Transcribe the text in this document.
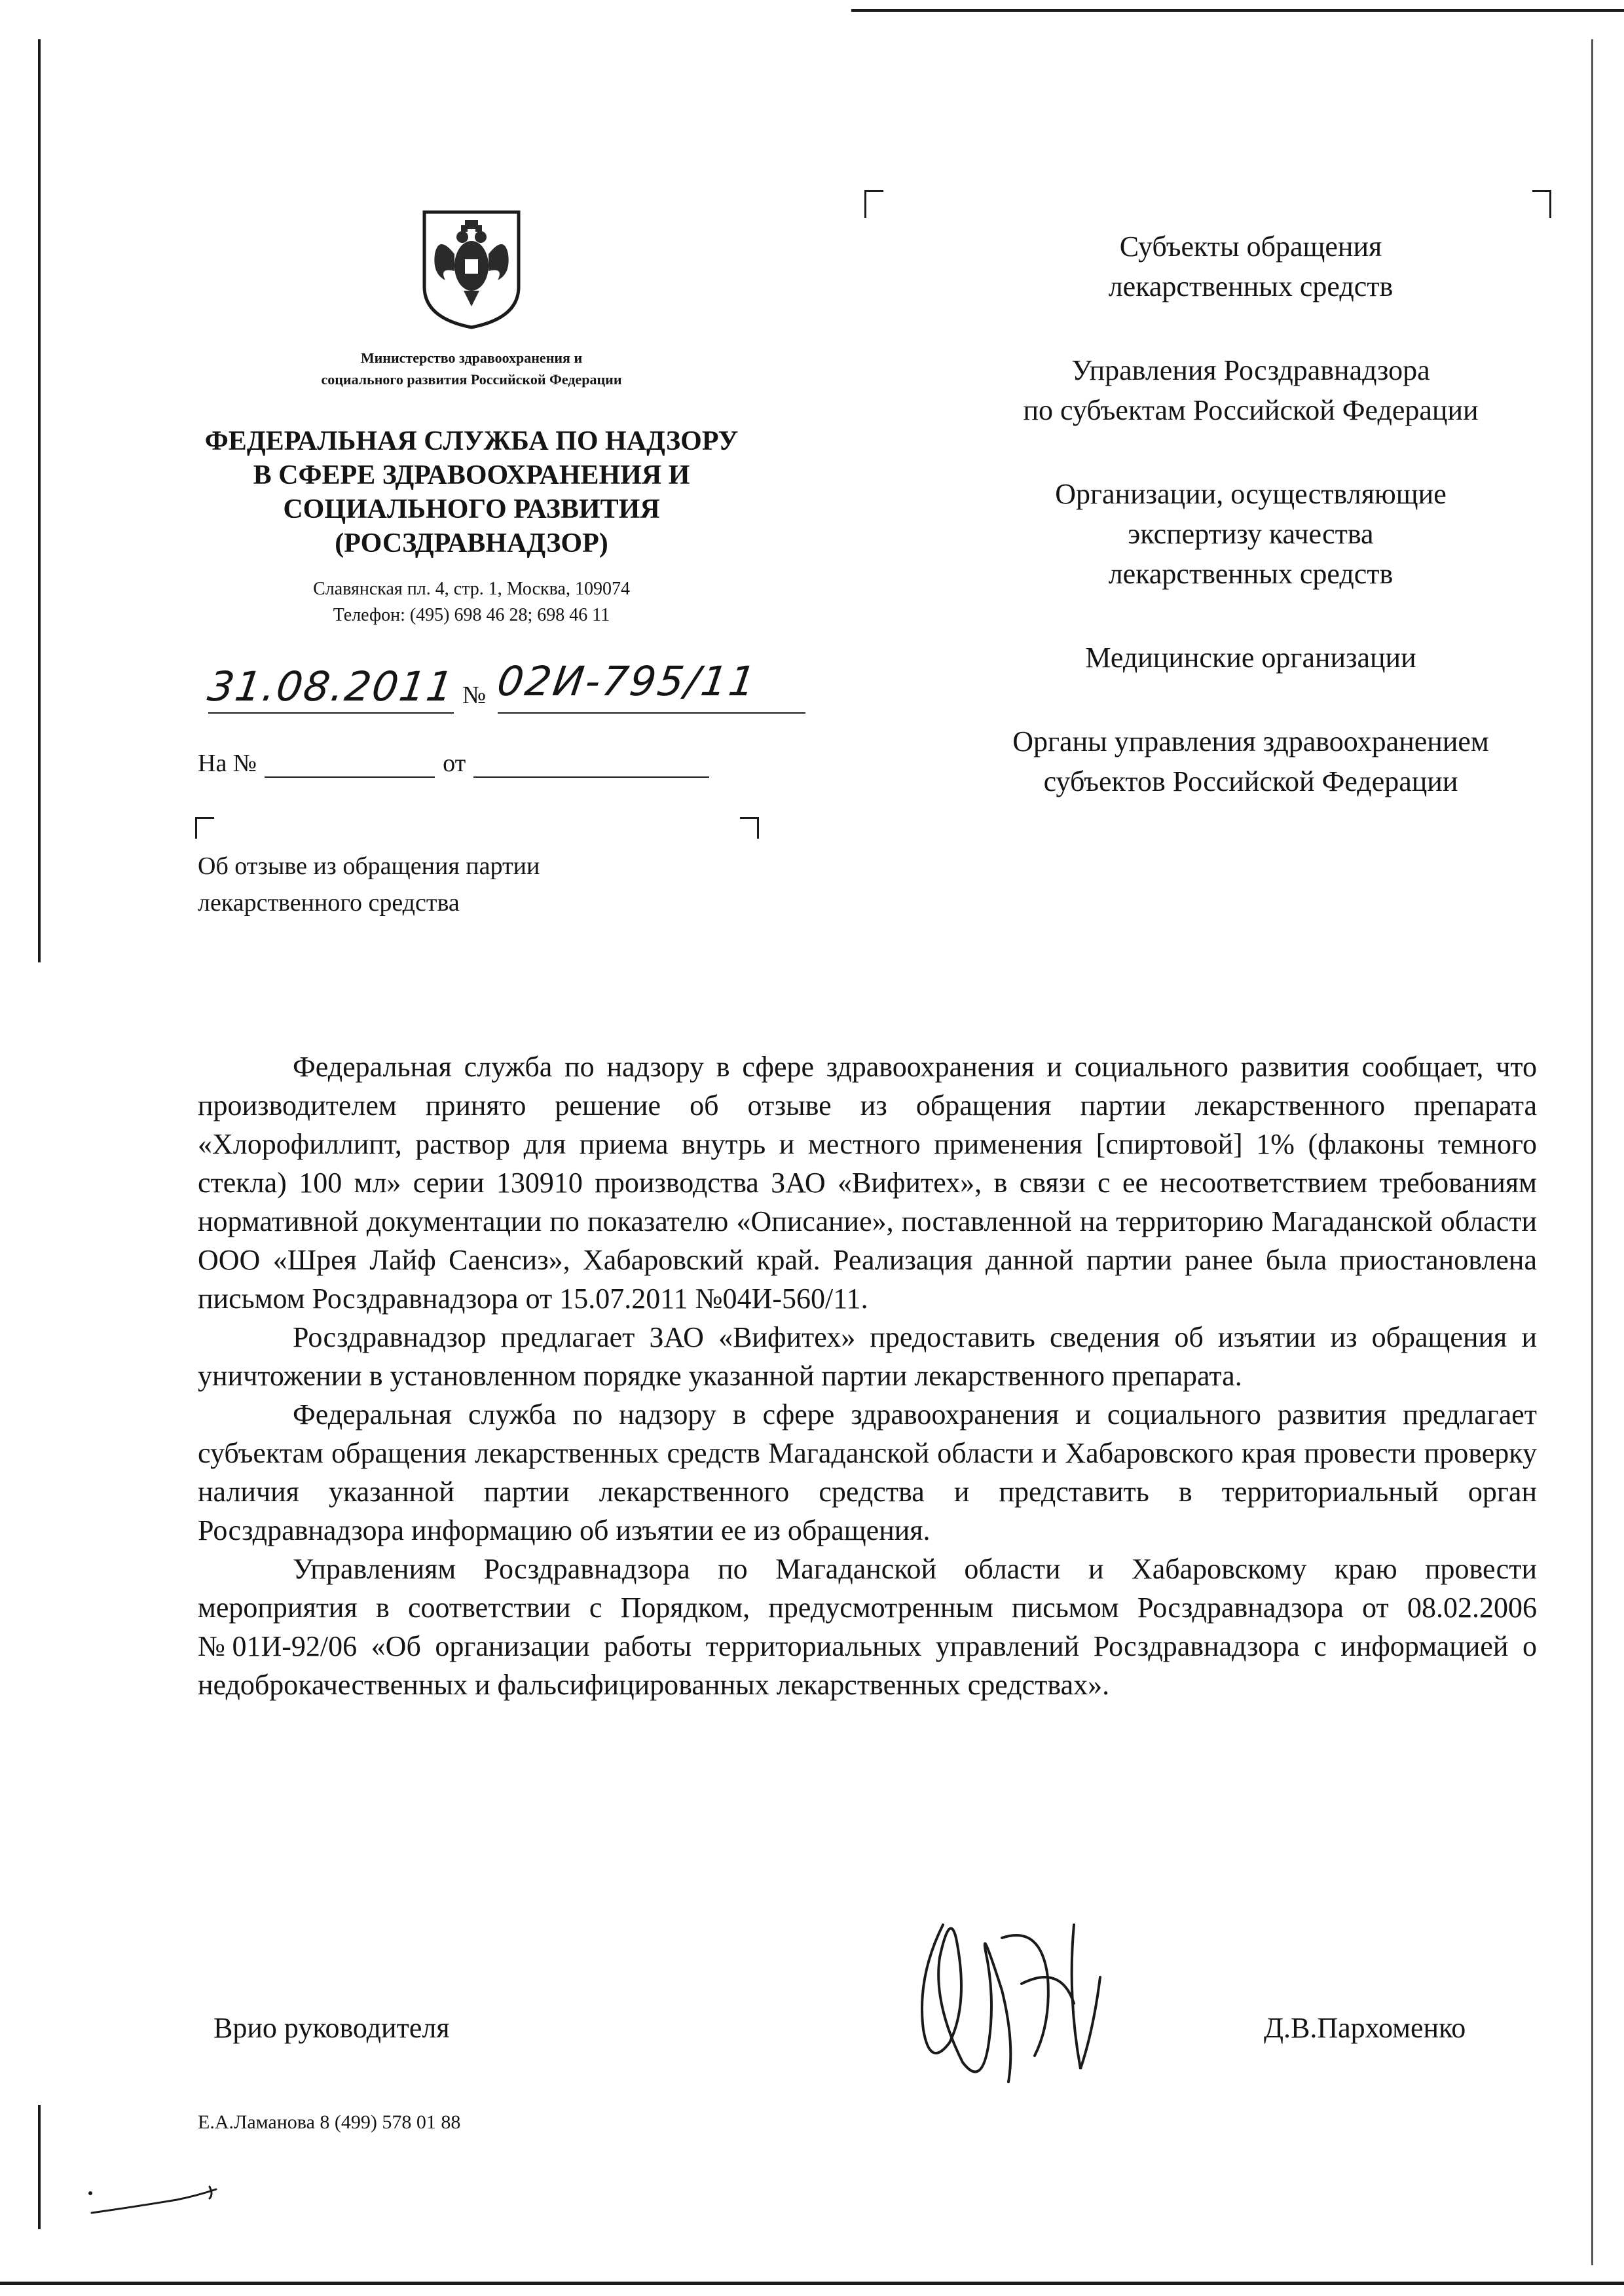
Министерство здравоохранения и
социального развития Российской Федерации
ФЕДЕРАЛЬНАЯ СЛУЖБА ПО НАДЗОРУ
В СФЕРЕ ЗДРАВООХРАНЕНИЯ И
СОЦИАЛЬНОГО РАЗВИТИЯ
(РОСЗДРАВНАДЗОР)
Славянская пл. 4, стр. 1, Москва, 109074
Телефон: (495) 698 46 28; 698 46 11
31.08.2011 № 02И-795/11
На №	от
Об отзыве из обращения партии
лекарственного средства

Субъекты обращения
лекарственных средств

Управления Росздравнадзора
по субъектам Российской Федерации

Организации, осуществляющие
экспертизу качества
лекарственных средств

Медицинские организации

Органы управления здравоохранением
субъектов Российской Федерации

Федеральная служба по надзору в сфере здравоохранения и социального развития сообщает, что производителем принято решение об отзыве из обращения партии лекарственного препарата «Хлорофиллипт, раствор для приема внутрь и местного применения [спиртовой] 1% (флаконы темного стекла) 100 мл» серии 130910 производства ЗАО «Вифитех», в связи с ее несоответствием требованиям нормативной документации по показателю «Описание», поставленной на территорию Магаданской области ООО «Шрея Лайф Саенсиз», Хабаровский край. Реализация данной партии ранее была приостановлена письмом Росздравнадзора от 15.07.2011 №04И-560/11.

Росздравнадзор предлагает ЗАО «Вифитех» предоставить сведения об изъятии из обращения и уничтожении в установленном порядке указанной партии лекарственного препарата.

Федеральная служба по надзору в сфере здравоохранения и социального развития предлагает субъектам обращения лекарственных средств Магаданской области и Хабаровского края провести проверку наличия указанной партии лекарственного средства и представить в территориальный орган Росздравнадзора информацию об изъятии ее из обращения.

Управлениям Росздравнадзора по Магаданской области и Хабаровскому краю провести мероприятия в соответствии с Порядком, предусмотренным письмом Росздравнадзора от 08.02.2006 №01И-92/06 «Об организации работы территориальных управлений Росздравнадзора с информацией о недоброкачественных и фальсифицированных лекарственных средствах».

Врио руководителя	Д.В.Пархоменко
Е.А.Ламанова 8 (499) 578 01 88
